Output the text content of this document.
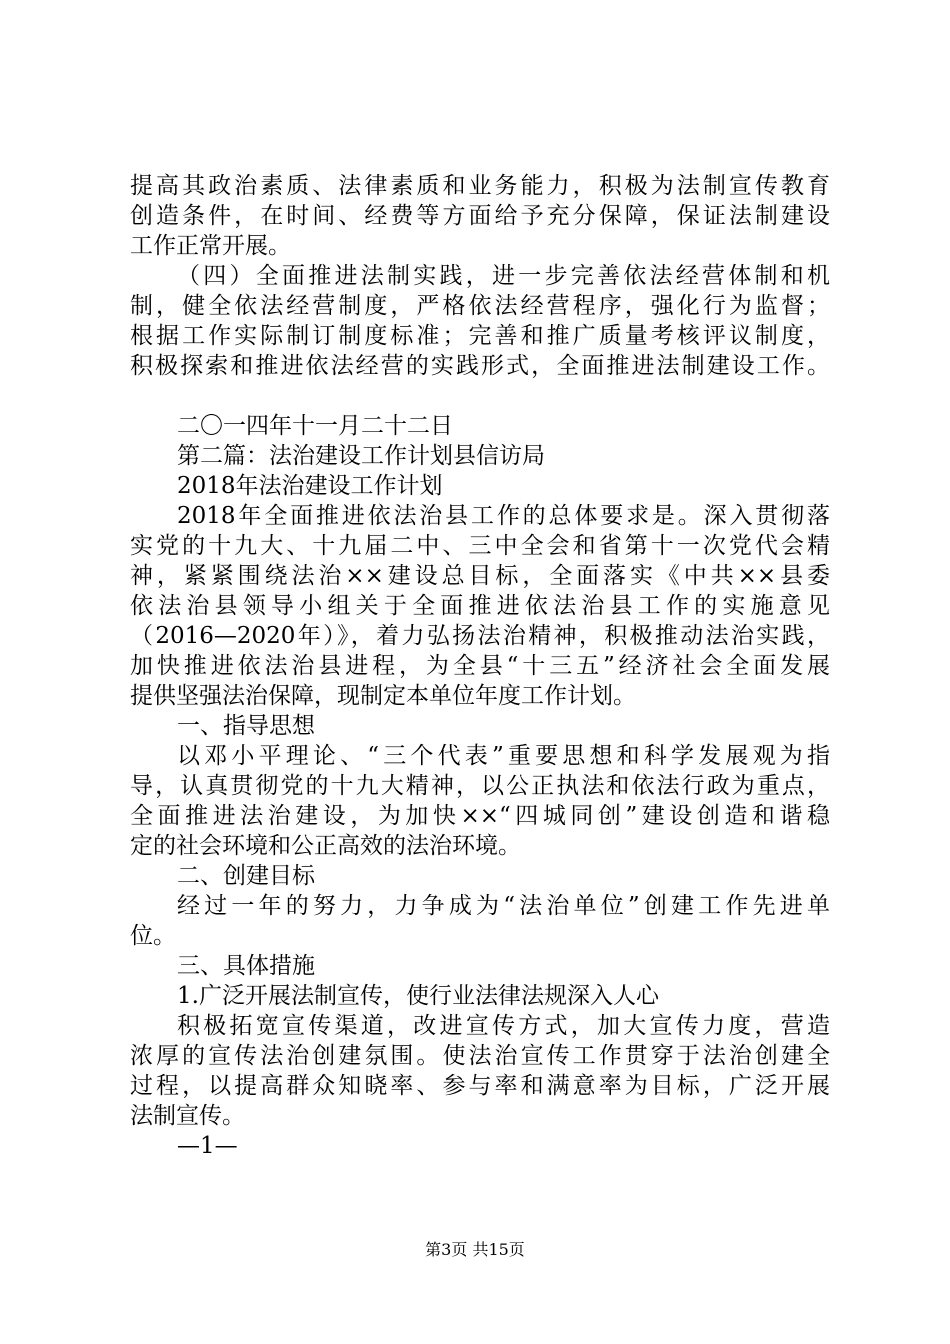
提高其政治素质、法律素质和业务能力，积极为法制宣传教育

创造条件，在时间、经费等方面给予充分保障，保证法制建设

工作正常开展。

（四）全面推进法制实践，进一步完善依法经营体制和机

制，健全依法经营制度，严格依法经营程序，强化行为监督；

根据工作实际制订制度标准；完善和推广质量考核评议制度，

积极探索和推进依法经营的实践形式，全面推进法制建设工作。

二〇一四年十一月二十二日

第二篇：法治建设工作计划县信访局

2018年法治建设工作计划

2018年全面推进依法治县工作的总体要求是。深入贯彻落

实党的十九大、十九届二中、三中全会和省第十一次党代会精

神，紧紧围绕法治××建设总目标，全面落实《中共××县委

依法治县领导小组关于全面推进依法治县工作的实施意见

（2016—2020年）》，着力弘扬法治精神，积极推动法治实践，

加快推进依法治县进程，为全县“十三五”经济社会全面发展

提供坚强法治保障，现制定本单位年度工作计划。

一、指导思想

以邓小平理论、“三个代表”重要思想和科学发展观为指

导，认真贯彻党的十九大精神，以公正执法和依法行政为重点，

全面推进法治建设，为加快××“四城同创”建设创造和谐稳

定的社会环境和公正高效的法治环境。

二、创建目标

经过一年的努力，力争成为“法治单位”创建工作先进单

位。

三、具体措施

1.广泛开展法制宣传，使行业法律法规深入人心

积极拓宽宣传渠道，改进宣传方式，加大宣传力度，营造

浓厚的宣传法治创建氛围。使法治宣传工作贯穿于法治创建全

过程，以提高群众知晓率、参与率和满意率为目标，广泛开展

法制宣传。

—1—

第3页 共15页
